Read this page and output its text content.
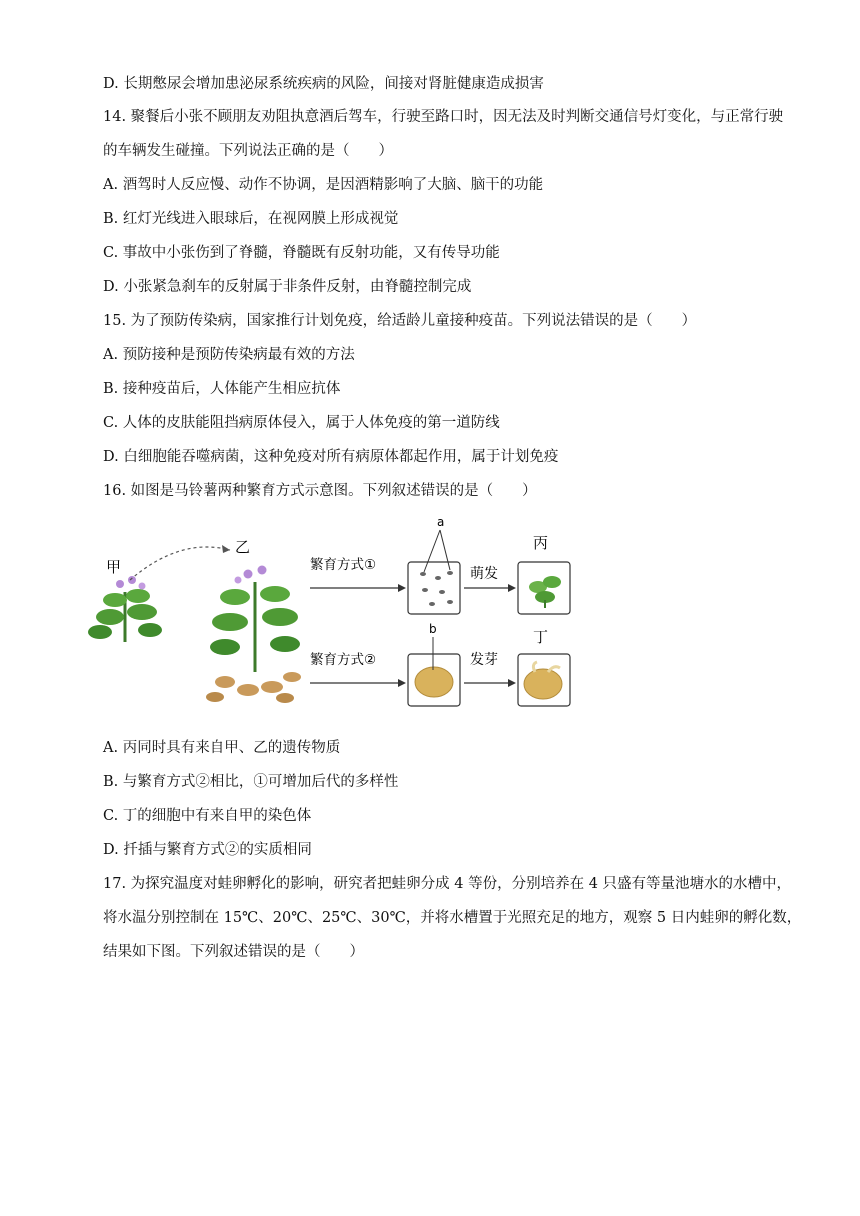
D. 长期憋尿会增加患泌尿系统疾病的风险，间接对肾脏健康造成损害
14. 聚餐后小张不顾朋友劝阻执意酒后驾车，行驶至路口时，因无法及时判断交通信号灯变化，与正常行驶
的车辆发生碰撞。下列说法正确的是（　　）
A. 酒驾时人反应慢、动作不协调，是因酒精影响了大脑、脑干的功能
B. 红灯光线进入眼球后，在视网膜上形成视觉
C. 事故中小张伤到了脊髓，脊髓既有反射功能，又有传导功能
D. 小张紧急刹车的反射属于非条件反射，由脊髓控制完成
15. 为了预防传染病，国家推行计划免疫，给适龄儿童接种疫苗。下列说法错误的是（　　）
A. 预防接种是预防传染病最有效的方法
B. 接种疫苗后，人体能产生相应抗体
C. 人体的皮肤能阻挡病原体侵入，属于人体免疫的第一道防线
D. 白细胞能吞噬病菌，这种免疫对所有病原体都起作用，属于计划免疫
16. 如图是马铃薯两种繁育方式示意图。下列叙述错误的是（　　）
甲
乙
繁育方式①
a
萌发
丙
繁育方式②
b
发芽
丁
A. 丙同时具有来自甲、乙的遗传物质
B. 与繁育方式②相比，①可增加后代的多样性
C. 丁的细胞中有来自甲的染色体
D. 扦插与繁育方式②的实质相同
17. 为探究温度对蛙卵孵化的影响，研究者把蛙卵分成 4 等份，分别培养在 4 只盛有等量池塘水的水槽中，
将水温分别控制在 15℃、20℃、25℃、30℃，并将水槽置于光照充足的地方，观察 5 日内蛙卵的孵化数，
结果如下图。下列叙述错误的是（　　）
